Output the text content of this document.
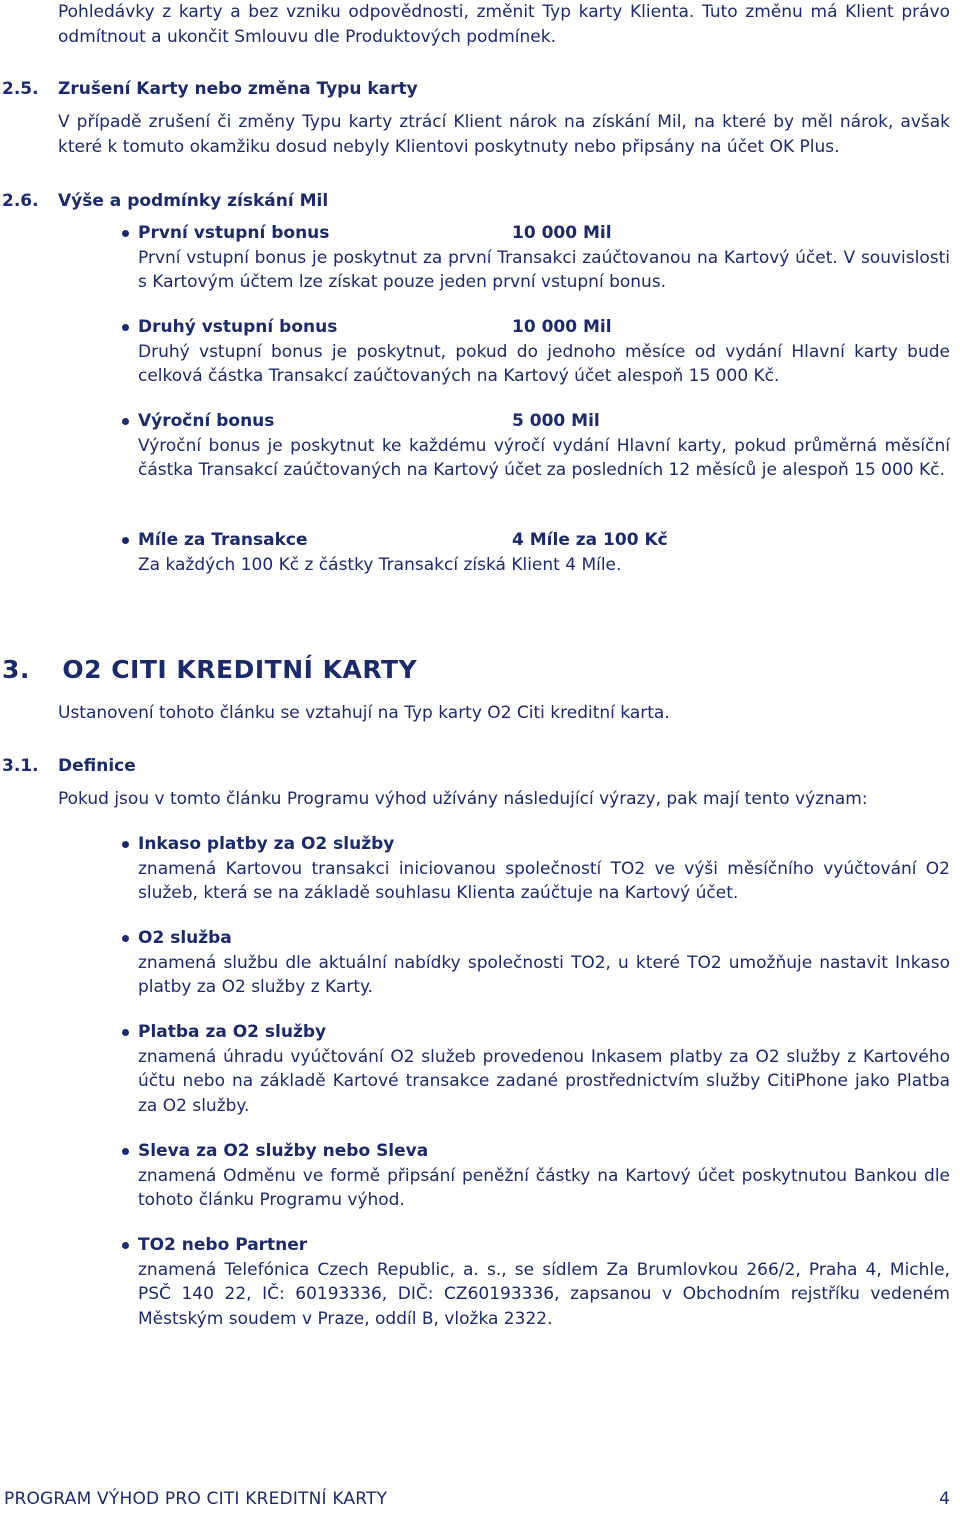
Pohledávky z karty a bez vzniku odpovědnosti, změnit Typ karty Klienta. Tuto změnu má Klient právo odmítnout a ukončit Smlouvu dle Produktových podmínek.
2.5. Zrušení Karty nebo změna Typu karty
V případě zrušení či změny Typu karty ztrácí Klient nárok na získání Mil, na které by měl nárok, avšak které k tomuto okamžiku dosud nebyly Klientovi poskytnuty nebo připsány na účet OK Plus.
2.6. Výše a podmínky získání Mil
První vstupní bonus	10 000 Mil
První vstupní bonus je poskytnut za první Transakci zaúčtovanou na Kartový účet. V souvislosti s Kartovým účtem lze získat pouze jeden první vstupní bonus.
Druhý vstupní bonus	10 000 Mil
Druhý vstupní bonus je poskytnut, pokud do jednoho měsíce od vydání Hlavní karty bude celková částka Transakcí zaúčtovaných na Kartový účet alespoň 15 000 Kč.
Výroční bonus	5 000 Mil
Výroční bonus je poskytnut ke každému výročí vydání Hlavní karty, pokud průměrná měsíční částka Transakcí zaúčtovaných na Kartový účet za posledních 12 měsíců je alespoň 15 000 Kč.
Míle za Transakce	4 Míle za 100 Kč
Za každých 100 Kč z částky Transakcí získá Klient 4 Míle.
3. O2 CITI KREDITNÍ KARTY
Ustanovení tohoto článku se vztahují na Typ karty O2 Citi kreditní karta.
3.1. Definice
Pokud jsou v tomto článku Programu výhod užívány následující výrazy, pak mají tento význam:
Inkaso platby za O2 služby
znamená Kartovou transakci iniciovanou společností TO2 ve výši měsíčního vyúčtování O2 služeb, která se na základě souhlasu Klienta zaúčtuje na Kartový účet.
O2 služba
znamená službu dle aktuální nabídky společnosti TO2, u které TO2 umožňuje nastavit Inkaso platby za O2 služby z Karty.
Platba za O2 služby
znamená úhradu vyúčtování O2 služeb provedenou Inkasem platby za O2 služby z Kartového účtu nebo na základě Kartové transakce zadané prostřednictvím služby CitiPhone jako Platba za O2 služby.
Sleva za O2 služby nebo Sleva
znamená Odměnu ve formě připsání peněžní částky na Kartový účet poskytnutou Bankou dle tohoto článku Programu výhod.
TO2 nebo Partner
znamená Telefónica Czech Republic, a. s., se sídlem Za Brumlovkou 266/2, Praha 4, Michle, PSČ 140 22, IČ: 60193336, DIČ: CZ60193336, zapsanou v Obchodním rejstříku vedeném Městským soudem v Praze, oddíl B, vložka 2322.
PROGRAM VÝHOD PRO CITI KREDITNÍ KARTY	4
